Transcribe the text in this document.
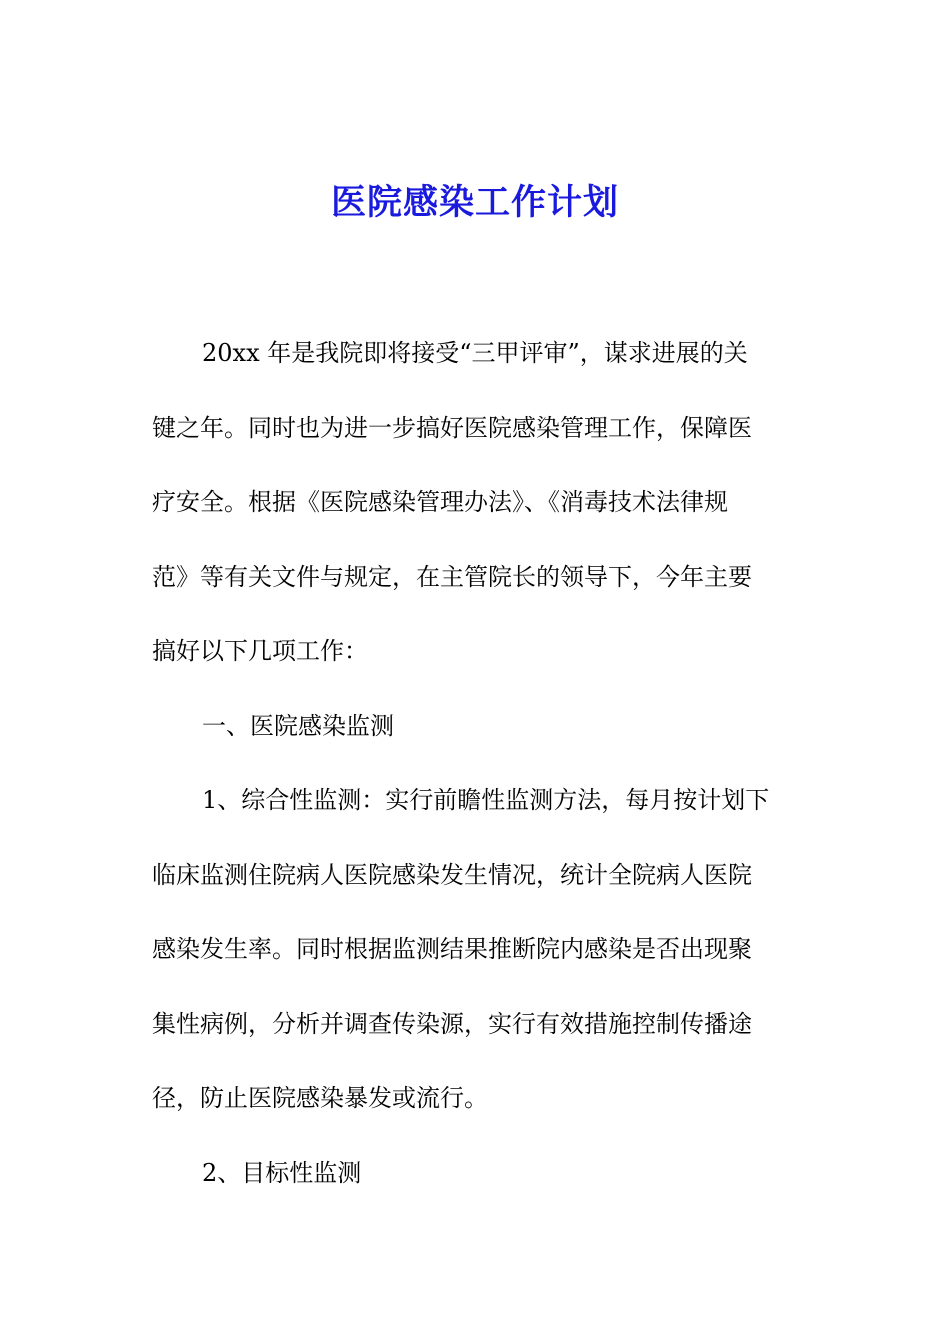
医院感染工作计划
20xx 年是我院即将接受“三甲评审”，谋求进展的关
键之年。同时也为进一步搞好医院感染管理工作，保障医
疗安全。根据《医院感染管理办法》、《消毒技术法律规
范》等有关文件与规定，在主管院长的领导下，今年主要
搞好以下几项工作：
一、医院感染监测
1、综合性监测：实行前瞻性监测方法，每月按计划下
临床监测住院病人医院感染发生情况，统计全院病人医院
感染发生率。同时根据监测结果推断院内感染是否出现聚
集性病例，分析并调查传染源，实行有效措施控制传播途
径，防止医院感染暴发或流行。
2、目标性监测
